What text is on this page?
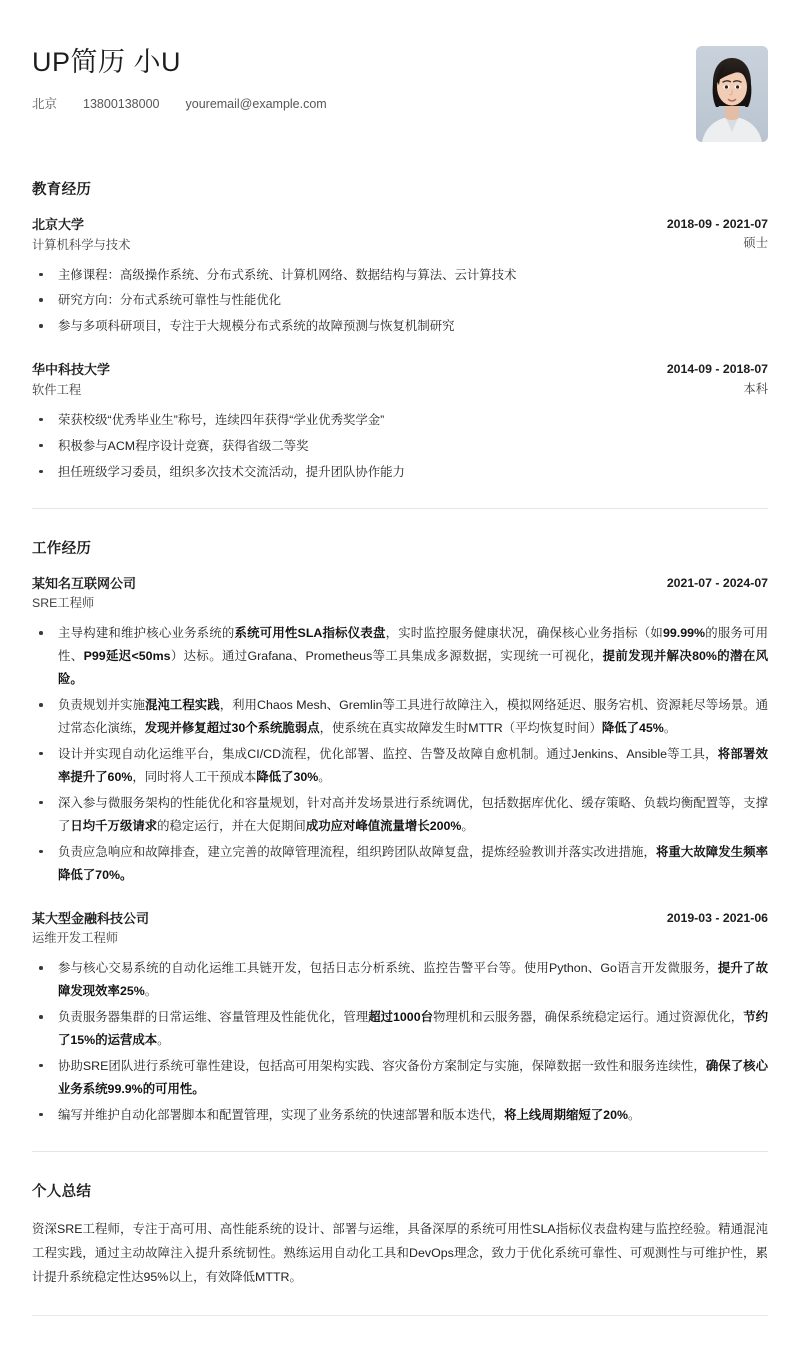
UP简历 小U
北京 13800138000 youremail@example.com
教育经历
北京大学
计算机科学与技术
2018-09 - 2021-07
硕士
主修课程：高级操作系统、分布式系统、计算机网络、数据结构与算法、云计算技术
研究方向：分布式系统可靠性与性能优化
参与多项科研项目，专注于大规模分布式系统的故障预测与恢复机制研究
华中科技大学
软件工程
2014-09 - 2018-07
本科
荣获校级“优秀毕业生”称号，连续四年获得“学业优秀奖学金”
积极参与ACM程序设计竞赛，获得省级二等奖
担任班级学习委员，组织多次技术交流活动，提升团队协作能力
工作经历
某知名互联网公司
SRE工程师
2021-07 - 2024-07
主导构建和维护核心业务系统的系统可用性SLA指标仪表盘，实时监控服务健康状况，确保核心业务指标（如99.99%的服务可用性、P99延迟<50ms）达标。通过Grafana、Prometheus等工具集成多源数据，实现统一可视化，提前发现并解决80%的潜在风险。
负责规划并实施混沌工程实践，利用Chaos Mesh、Gremlin等工具进行故障注入，模拟网络延迟、服务宕机、资源耗尽等场景。通过常态化演练，发现并修复超过30个系统脆弱点，使系统在真实故障发生时MTTR（平均恢复时间）降低了45%。
设计并实现自动化运维平台，集成CI/CD流程，优化部署、监控、告警及故障自愈机制。通过Jenkins、Ansible等工具，将部署效率提升了60%，同时将人工干预成本降低了30%。
深入参与微服务架构的性能优化和容量规划，针对高并发场景进行系统调优，包括数据库优化、缓存策略、负载均衡配置等，支撑了日均千万级请求的稳定运行，并在大促期间成功应对峰值流量增长200%。
负责应急响应和故障排查，建立完善的故障管理流程，组织跨团队故障复盘，提炼经验教训并落实改进措施，将重大故障发生频率降低了70%。
某大型金融科技公司
运维开发工程师
2019-03 - 2021-06
参与核心交易系统的自动化运维工具链开发，包括日志分析系统、监控告警平台等。使用Python、Go语言开发微服务，提升了故障发现效率25%。
负责服务器集群的日常运维、容量管理及性能优化，管理超过1000台物理机和云服务器，确保系统稳定运行。通过资源优化，节约了15%的运营成本。
协助SRE团队进行系统可靠性建设，包括高可用架构实践、容灾备份方案制定与实施，保障数据一致性和服务连续性，确保了核心业务系统99.9%的可用性。
编写并维护自动化部署脚本和配置管理，实现了业务系统的快速部署和版本迭代，将上线周期缩短了20%。
个人总结

资深SRE工程师，专注于高可用、高性能系统的设计、部署与运维，具备深厚的系统可用性SLA指标仪表盘构建与监控经验。精通混沌工程实践，通过主动故障注入提升系统韧性。熟练运用自动化工具和DevOps理念，致力于优化系统可靠性、可观测性与可维护性，累计提升系统稳定性达95%以上，有效降低MTTR。
